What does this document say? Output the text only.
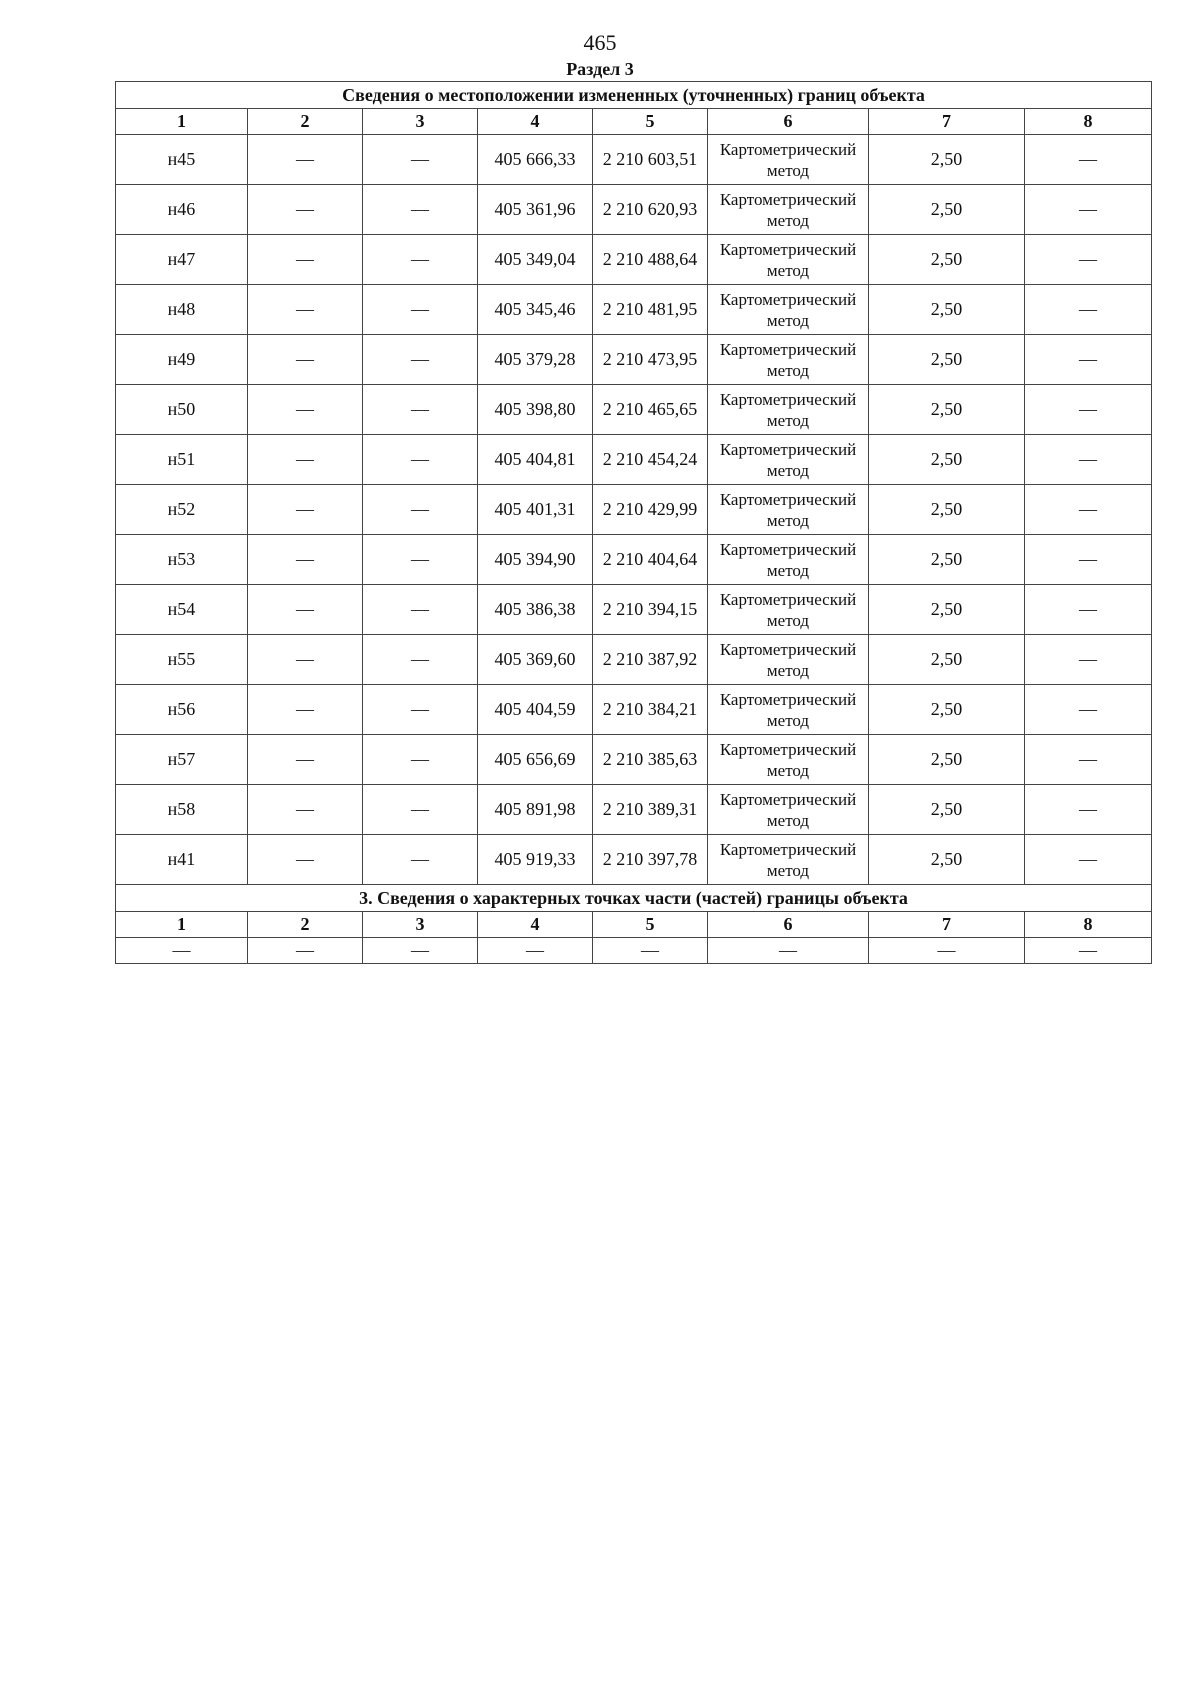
465
Раздел 3
Сведения о местоположении измененных (уточненных) границ объекта							
1	2	3	4	5	6	7	8
н45	—	—	405 666,33	2 210 603,51	Картометрический метод	2,50	—
н46	—	—	405 361,96	2 210 620,93	Картометрический метод	2,50	—
н47	—	—	405 349,04	2 210 488,64	Картометрический метод	2,50	—
н48	—	—	405 345,46	2 210 481,95	Картометрический метод	2,50	—
н49	—	—	405 379,28	2 210 473,95	Картометрический метод	2,50	—
н50	—	—	405 398,80	2 210 465,65	Картометрический метод	2,50	—
н51	—	—	405 404,81	2 210 454,24	Картометрический метод	2,50	—
н52	—	—	405 401,31	2 210 429,99	Картометрический метод	2,50	—
н53	—	—	405 394,90	2 210 404,64	Картометрический метод	2,50	—
н54	—	—	405 386,38	2 210 394,15	Картометрический метод	2,50	—
н55	—	—	405 369,60	2 210 387,92	Картометрический метод	2,50	—
н56	—	—	405 404,59	2 210 384,21	Картометрический метод	2,50	—
н57	—	—	405 656,69	2 210 385,63	Картометрический метод	2,50	—
н58	—	—	405 891,98	2 210 389,31	Картометрический метод	2,50	—
н41	—	—	405 919,33	2 210 397,78	Картометрический метод	2,50	—
3. Сведения о характерных точках части (частей) границы объекта							
1	2	3	4	5	6	7	8
—	—	—	—	—	—	—	—
